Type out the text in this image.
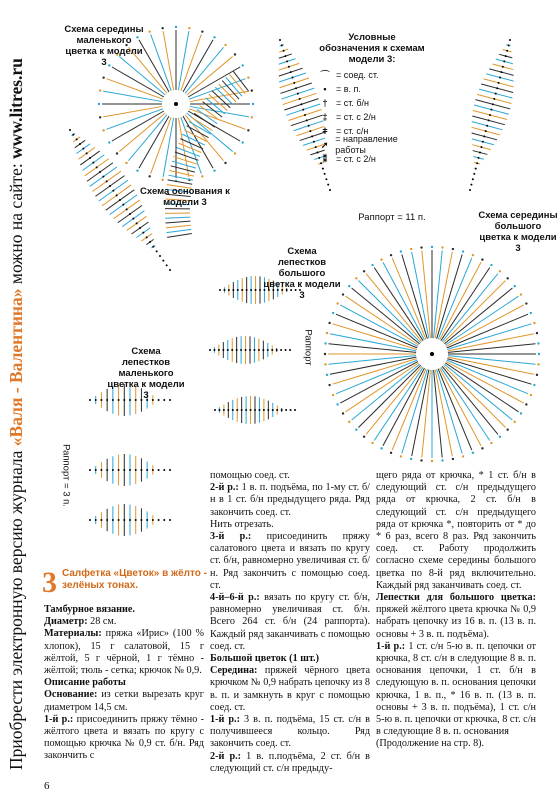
Приобрести электронную версию журнала «Валя - Валентина» можно на сайте: www.litres.ru
Схема середины маленького цветка к модели 3
Схема основания к модели 3
Схема лепестков большого цветка к модели 3
Схема лепестков маленького цветка к модели 3
Схема середины большого цветка к модели 3
Раппорт = 11 п.
Раппорт = 3 п.
Раппорт
Условные обозначения к схемам модели 3:
⌒ = соед. ст.
•	= в. п.
† = ст. б/н
‡ = ст. с 2/н
ǂ = ст. с/н
➚
= направление работы
⁑ = ст. с 2/н
3 Салфетка «Цветок» в жёлто - зелёных тонах.

Тамбурное вязание.

Диаметр: 28 см.

Материалы: пряжа «Ирис» (100 % хлопок), 15 г салатовой, 15 г жёлтой, 5 г чёрной, 1 г тёмно - жёлтой; тюль - сетка; крючок № 0,9.

Описание работы

Основание: из сетки вырезать круг диаметром 14,5 см.

1-й р.: присоединить пряжу тёмно - жёлтого цвета и вязать по кругу с помощью крючка № 0,9 ст. б/н. Ряд закончить с

помощью соед. ст.

2-й р.: 1 в. п. подъёма, по 1-му ст. б/н в 1 ст. б/н предыдущего ряда. Ряд закончить соед. ст.

Нить отрезать.

3-й р.: присоединить пряжу салатового цвета и вязать по кругу ст. б/н, равномерно увеличивая ст. б/н. Ряд закончить с помощью соед. ст.

4-й–6-й р.: вязать по кругу ст. б/н, равномерно увеличивая ст. б/н. Всего 264 ст. б/н (24 раппорта). Каждый ряд заканчивать с помощью соед. ст.

Большой цветок (1 шт.)

Середина: пряжей чёрного цвета крючком № 0,9 набрать цепочку из 8 в. п. и замкнуть в круг с помощью соед. ст.

1-й р.: 3 в. п. подъёма, 15 ст. с/н в получившееся кольцо. Ряд закончить соед. ст.

2-й р.: 1 в. п.подъёма, 2 ст. б/н в следующий ст. с/н предыду-

щего ряда от крючка, * 1 ст. б/н в следующий ст. с/н предыдущего ряда от крючка, 2 ст. б/н в следующий ст. с/н предыдущего ряда от крючка *, повторить от * до * 6 раз, всего 8 раз. Ряд закончить соед. ст. Работу продолжить согласно схеме середины большого цветка по 8-й ряд включительно. Каждый ряд заканчивать соед. ст.

Лепестки для большого цветка: пряжей жёлтого цвета крючка № 0,9 набрать цепочку из 16 в. п. (13 в. п. основы + 3 в. п. подъёма).

1-й р.: 1 ст. с/н 5-ю в. п. цепочки от крючка, 8 ст. с/н в следующие 8 в. п. основания цепочки, 1 ст. б/н в следующую в. п. основания цепочки крючка, 1 в. п., * 16 в. п. (13 в. п. основы + 3 в. п. подъёма), 1 ст. с/н 5-ю в. п. цепочки от крючка, 8 ст. с/н в следующие 8 в. п. основания

(Продолжение на стр. 8).

6
